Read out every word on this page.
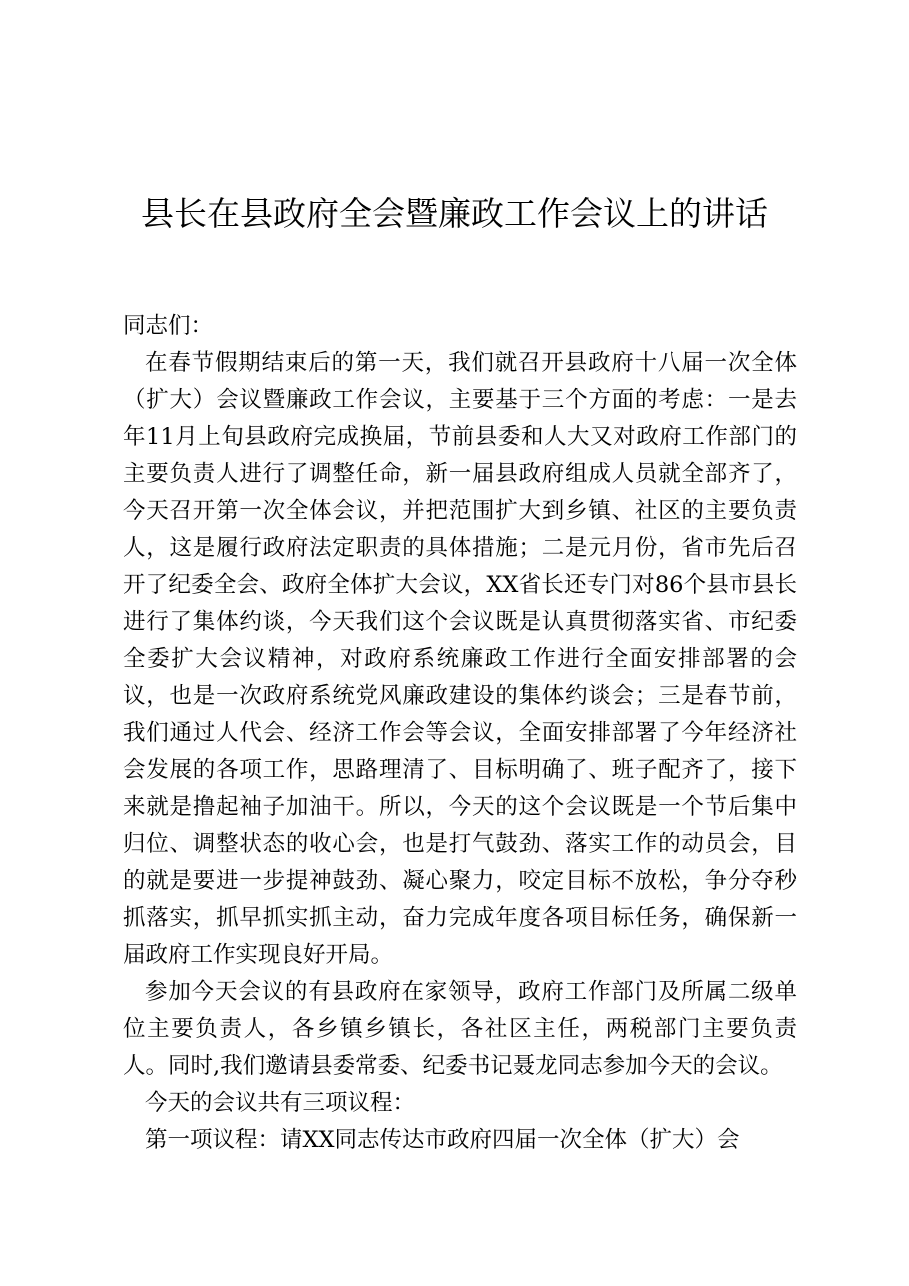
县长在县政府全会暨廉政工作会议上的讲话

同志们：

在春节假期结束后的第一天，我们就召开县政府十八届一次全体（扩大）会议暨廉政工作会议，主要基于三个方面的考虑：一是去年11月上旬县政府完成换届，节前县委和人大又对政府工作部门的主要负责人进行了调整任命，新一届县政府组成人员就全部齐了，今天召开第一次全体会议，并把范围扩大到乡镇、社区的主要负责人，这是履行政府法定职责的具体措施；二是元月份，省市先后召开了纪委全会、政府全体扩大会议，XX省长还专门对86个县市县长进行了集体约谈，今天我们这个会议既是认真贯彻落实省、市纪委全委扩大会议精神，对政府系统廉政工作进行全面安排部署的会议，也是一次政府系统党风廉政建设的集体约谈会；三是春节前，我们通过人代会、经济工作会等会议，全面安排部署了今年经济社会发展的各项工作，思路理清了、目标明确了、班子配齐了，接下来就是撸起袖子加油干。所以，今天的这个会议既是一个节后集中归位、调整状态的收心会，也是打气鼓劲、落实工作的动员会，目的就是要进一步提神鼓劲、凝心聚力，咬定目标不放松，争分夺秒抓落实，抓早抓实抓主动，奋力完成年度各项目标任务，确保新一届政府工作实现良好开局。

参加今天会议的有县政府在家领导，政府工作部门及所属二级单位主要负责人，各乡镇乡镇长，各社区主任，两税部门主要负责人。同时,我们邀请县委常委、纪委书记聂龙同志参加今天的会议。

今天的会议共有三项议程：

第一项议程：请XX同志传达市政府四届一次全体（扩大）会
